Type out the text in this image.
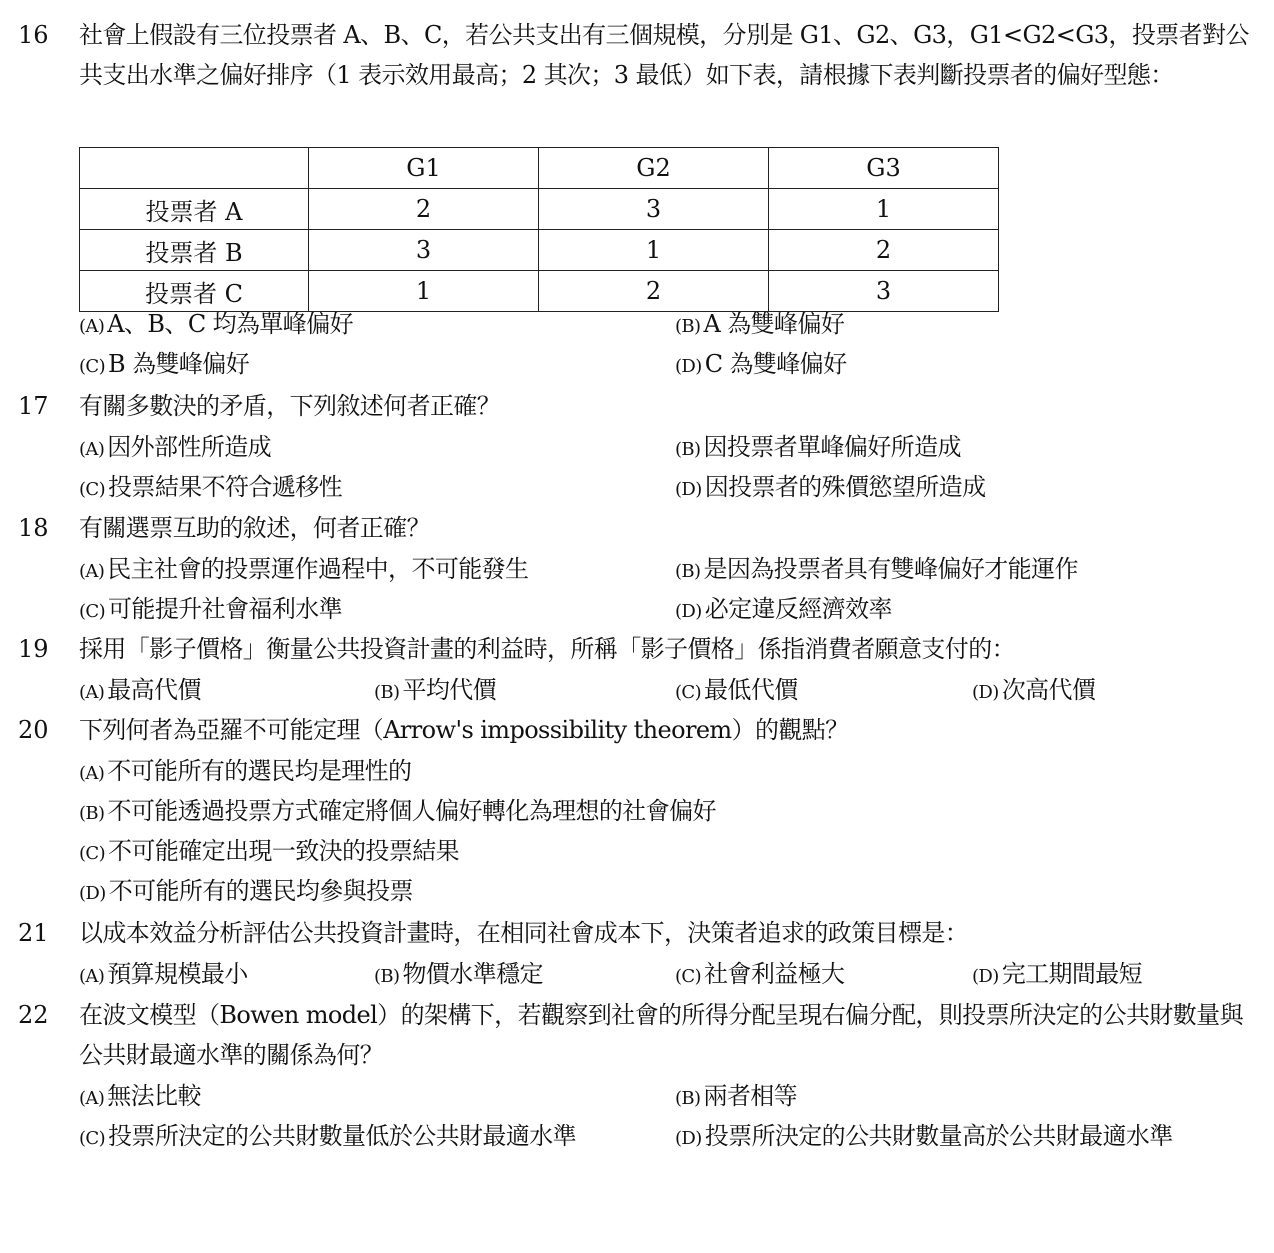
16 社會上假設有三位投票者 A、B、C，若公共支出有三個規模，分別是 G1、G2、G3，G1<G2<G3，投票者對公共支出水準之偏好排序（1 表示效用最高；2 其次；3 最低）如下表，請根據下表判斷投票者的偏好型態：
	G1	G2	G3
投票者 A	2	3	1
投票者 B	3	1	2
投票者 C	1	2	3
(A) A、B、C 均為單峰偏好	(B) A 為雙峰偏好
(C) B 為雙峰偏好	(D) C 為雙峰偏好
17 有關多數決的矛盾，下列敘述何者正確？
(A) 因外部性所造成	(B) 因投票者單峰偏好所造成
(C) 投票結果不符合遞移性	(D) 因投票者的殊價慾望所造成
18 有關選票互助的敘述，何者正確？
(A) 民主社會的投票運作過程中，不可能發生	(B) 是因為投票者具有雙峰偏好才能運作
(C) 可能提升社會福利水準	(D) 必定違反經濟效率
19 採用「影子價格」衡量公共投資計畫的利益時，所稱「影子價格」係指消費者願意支付的：
(A) 最高代價	(B) 平均代價	(C) 最低代價	(D) 次高代價
20 下列何者為亞羅不可能定理（Arrow's impossibility theorem）的觀點？
(A) 不可能所有的選民均是理性的
(B) 不可能透過投票方式確定將個人偏好轉化為理想的社會偏好
(C) 不可能確定出現一致決的投票結果
(D) 不可能所有的選民均參與投票
21 以成本效益分析評估公共投資計畫時，在相同社會成本下，決策者追求的政策目標是：
(A) 預算規模最小	(B) 物價水準穩定	(C) 社會利益極大	(D) 完工期間最短
22 在波文模型（Bowen model）的架構下，若觀察到社會的所得分配呈現右偏分配，則投票所決定的公共財數量與公共財最適水準的關係為何？
(A) 無法比較	(B) 兩者相等
(C) 投票所決定的公共財數量低於公共財最適水準	(D) 投票所決定的公共財數量高於公共財最適水準
